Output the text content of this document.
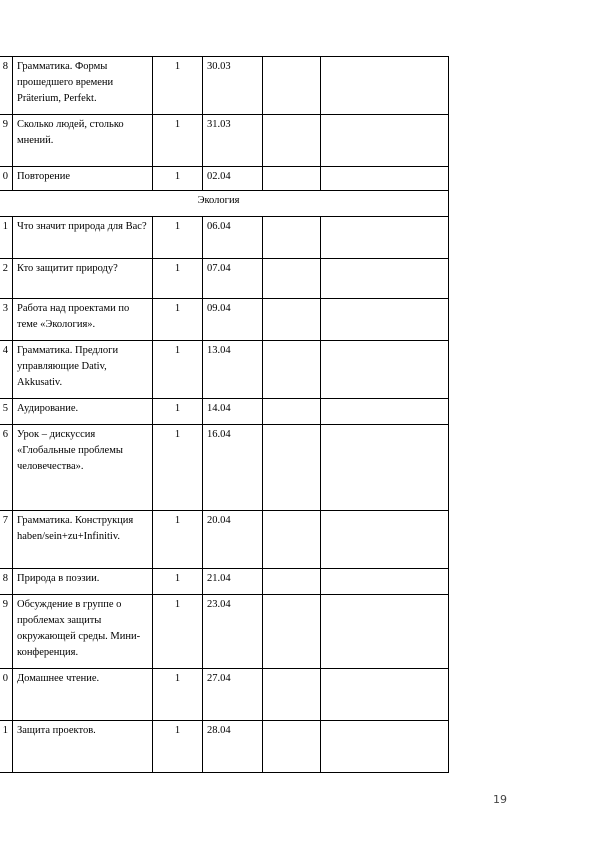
8	Грамматика. Формы прошедшего времени Präterium, Perfekt.	1	30.03		
9	Сколько людей, столько мнений.	1	31.03		
0	Повторение	1	02.04		
Экология					
1	Что значит природа для Вас?	1	06.04		
2	Кто защитит природу?	1	07.04		
3	Работа над проектами по теме «Экология».	1	09.04		
4	Грамматика. Предлоги управляющие Dativ, Akkusativ.	1	13.04		
5	Аудирование.	1	14.04		
6	Урок – дискуссия «Глобальные проблемы человечества».	1	16.04		
7	Грамматика. Конструкция haben/sein+zu+Infinitiv.	1	20.04		
8	Природа в поэзии.	1	21.04		
9	Обсуждение в группе о проблемах защиты окружающей среды. Мини-конференция.	1	23.04		
0	Домашнее чтение.	1	27.04		
1	Защита проектов.	1	28.04		
19
